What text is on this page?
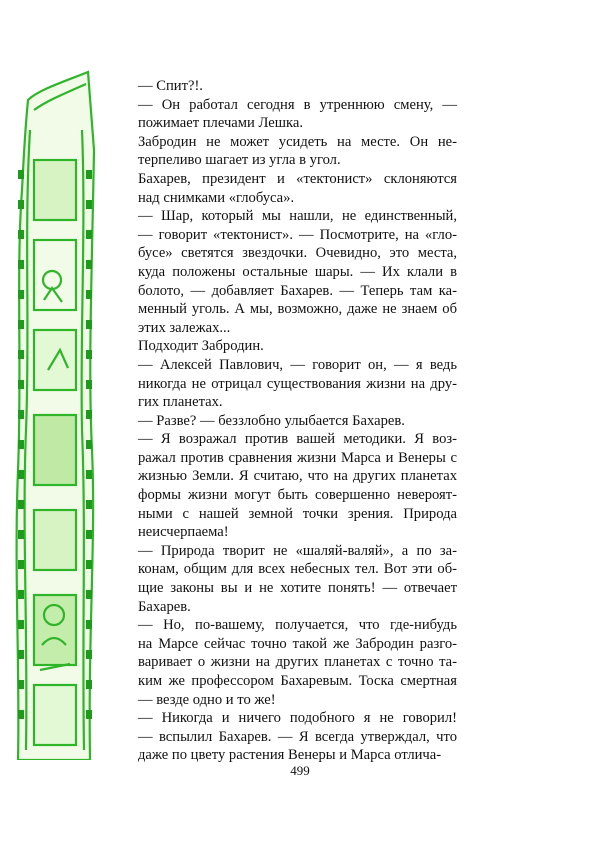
— Спит?!.

— Он работал сегодня в утреннюю смену, —
пожимает плечами Лешка.

Забродин не может усидеть на месте. Он не-
терпеливо шагает из угла в угол.

Бахарев, президент и «тектонист» склоняются
над снимками «глобуса».

— Шар, который мы нашли, не единственный,
— говорит «тектонист». — Посмотрите, на «гло-
бусе» светятся звездочки. Очевидно, это места,
куда положены остальные шары. — Их клали в
болото, — добавляет Бахарев. — Теперь там ка-
менный уголь. А мы, возможно, даже не знаем об
этих залежах...

Подходит Забродин.

— Алексей Павлович, — говорит он, — я ведь
никогда не отрицал существования жизни на дру-
гих планетах.

— Разве? — беззлобно улыбается Бахарев.

— Я возражал против вашей методики. Я воз-
ражал против сравнения жизни Марса и Венеры с
жизнью Земли. Я считаю, что на других планетах
формы жизни могут быть совершенно невероят-
ными с нашей земной точки зрения. Природа
неисчерпаема!

— Природа творит не «шаляй-валяй», а по за-
конам, общим для всех небесных тел. Вот эти об-
щие законы вы и не хотите понять! — отвечает
Бахарев.

— Но, по-вашему, получается, что где-нибудь
на Марсе сейчас точно такой же Забродин разго-
варивает о жизни на других планетах с точно та-
ким же профессором Бахаревым. Тоска смертная
— везде одно и то же!

— Никогда и ничего подобного я не говорил!
— вспылил Бахарев. — Я всегда утверждал, что
даже по цвету растения Венеры и Марса отлича-

499
